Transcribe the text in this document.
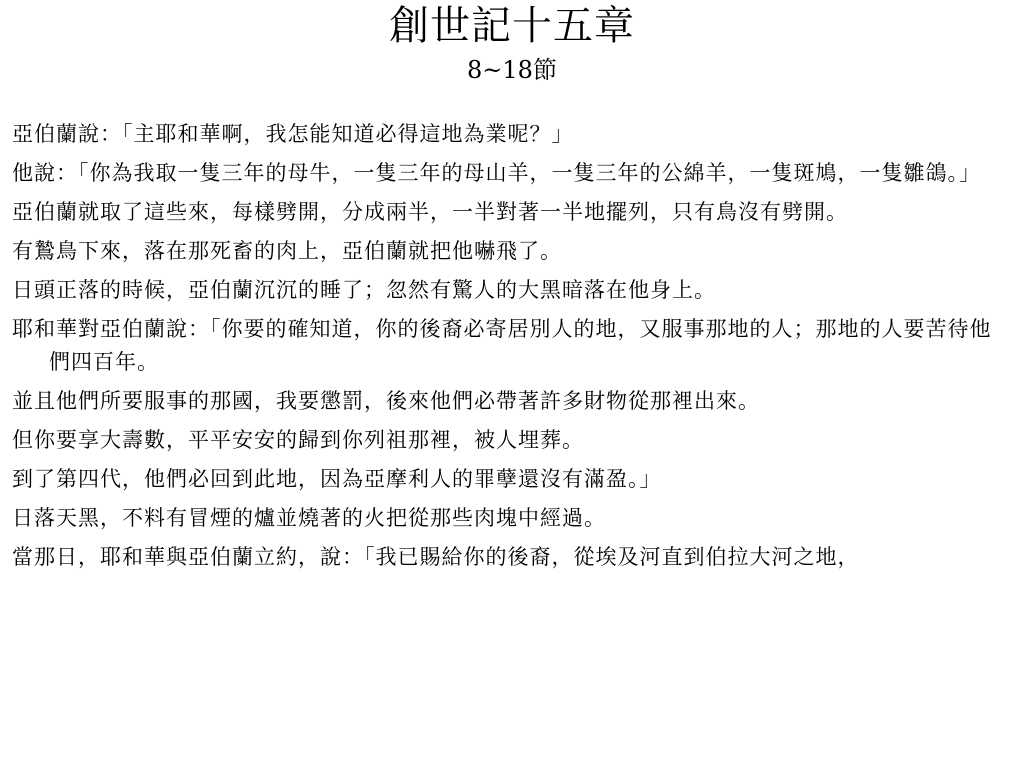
創世記十五章
8~18節
亞伯蘭說：「主耶和華啊，我怎能知道必得這地為業呢？」
他說：「你為我取一隻三年的母牛，一隻三年的母山羊，一隻三年的公綿羊，一隻斑鳩，一隻雛鴿。」
亞伯蘭就取了這些來，每樣劈開，分成兩半，一半對著一半地擺列，只有鳥沒有劈開。
有鷙鳥下來，落在那死畜的肉上，亞伯蘭就把他嚇飛了。
日頭正落的時候，亞伯蘭沉沉的睡了；忽然有驚人的大黑暗落在他身上。
耶和華對亞伯蘭說：「你要的確知道，你的後裔必寄居別人的地，又服事那地的人；那地的人要苦待他們四百年。
並且他們所要服事的那國，我要懲罰，後來他們必帶著許多財物從那裡出來。
但你要享大壽數，平平安安的歸到你列祖那裡，被人埋葬。
到了第四代，他們必回到此地，因為亞摩利人的罪孽還沒有滿盈。」
日落天黑，不料有冒煙的爐並燒著的火把從那些肉塊中經過。
當那日，耶和華與亞伯蘭立約，說：「我已賜給你的後裔，從埃及河直到伯拉大河之地，
